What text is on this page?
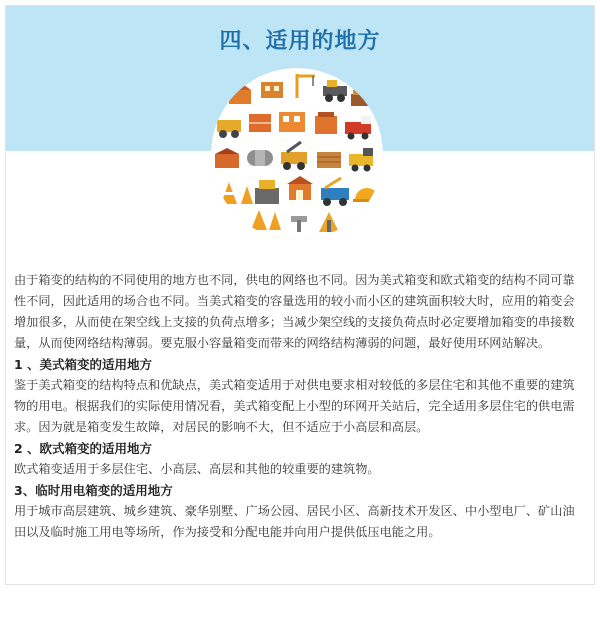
四、适用的地方

由于箱变的结构的不同使用的地方也不同，供电的网络也不同。因为美式箱变和欧式箱变的结构不同可靠性不同，因此适用的场合也不同。当美式箱变的容量选用的较小而小区的建筑面积较大时，应用的箱变会增加很多，从而使在架空线上支接的负荷点增多；当减少架空线的支接负荷点时必定要增加箱变的串接数量，从而使网络结构薄弱。要克服小容量箱变而带来的网络结构薄弱的问题，最好使用环网站解决。

1 、美式箱变的适用地方

鉴于美式箱变的结构特点和优缺点，美式箱变适用于对供电要求相对较低的多层住宅和其他不重要的建筑物的用电。根据我们的实际使用情况看，美式箱变配上小型的环网开关站后，完全适用多层住宅的供电需求。因为就是箱变发生故障，对居民的影响不大，但不适应于小高层和高层。

2 、欧式箱变的适用地方

欧式箱变适用于多层住宅、小高层、高层和其他的较重要的建筑物。

3、临时用电箱变的适用地方

用于城市高层建筑、城乡建筑、豪华别墅、广场公园、居民小区、高新技术开发区、中小型电厂、矿山油田以及临时施工用电等场所，作为接受和分配电能并向用户提供低压电能之用。
